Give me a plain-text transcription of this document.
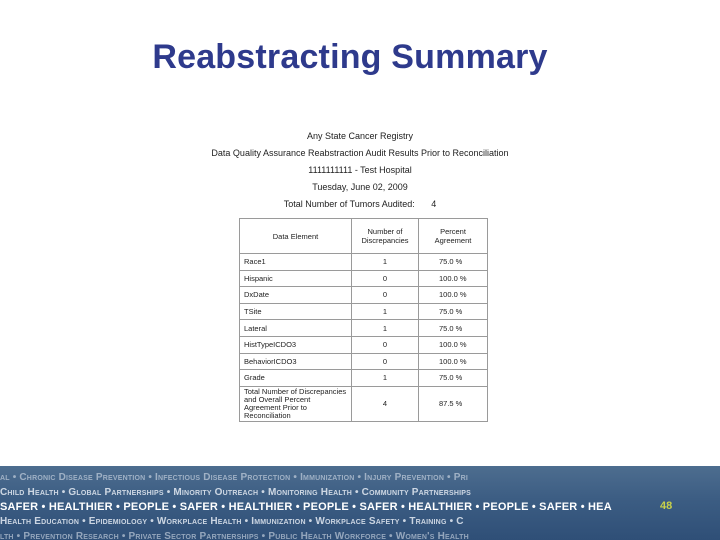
Reabstracting Summary
Any State Cancer Registry
Data Quality Assurance Reabstraction Audit Results Prior to Reconciliation
1111111111 - Test Hospital
Tuesday, June 02, 2009
Total Number of Tumors Audited: 4
Data Element	Number of Discrepancies	Percent Agreement
Race1	1	75.0 %
Hispanic	0	100.0 %
DxDate	0	100.0 %
TSite	1	75.0 %
Lateral	1	75.0 %
HistTypeICDO3	0	100.0 %
BehaviorICDO3	0	100.0 %
Grade	1	75.0 %
Total Number of Discrepancies and Overall Percent Agreement Prior to Reconciliation	4	87.5 %
al • Chronic Disease Prevention • Infectious Disease Protection • Immunization • Injury Prevention • Pri
Child Health • Global Partnerships • Minority Outreach • Monitoring Health • Community Partnerships
SAFER • HEALTHIER • PEOPLE • SAFER • HEALTHIER • PEOPLE • SAFER • HEALTHIER • PEOPLE • SAFER • HEA
Health Education • Epidemiology • Workplace Health • Immunization • Workplace Safety • Training • C
lth • Prevention Research • Private Sector Partnerships • Public Health Workforce • Women's Health
48
